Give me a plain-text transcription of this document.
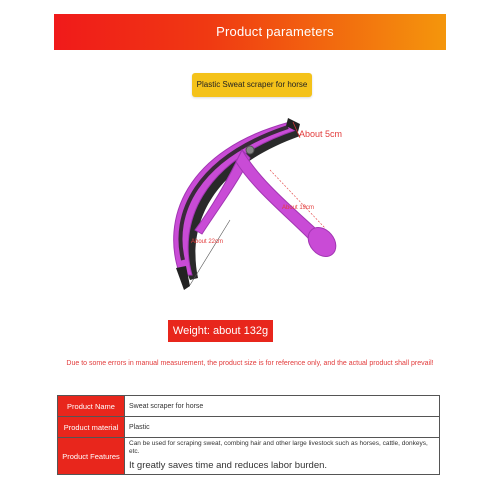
Product parameters
Plastic Sweat scraper for horse
About 5cm
About 19cm
About 22cm
Weight: about 132g
Due to some errors in manual measurement, the product size is for reference only, and the actual product shall prevail!
Product Name	Sweat scraper for horse
Product material	Plastic
Product Features	Can be used for scraping sweat, combing hair and other large livestock such as horses, cattle, donkeys, etc.
It greatly saves time and reduces labor burden.
